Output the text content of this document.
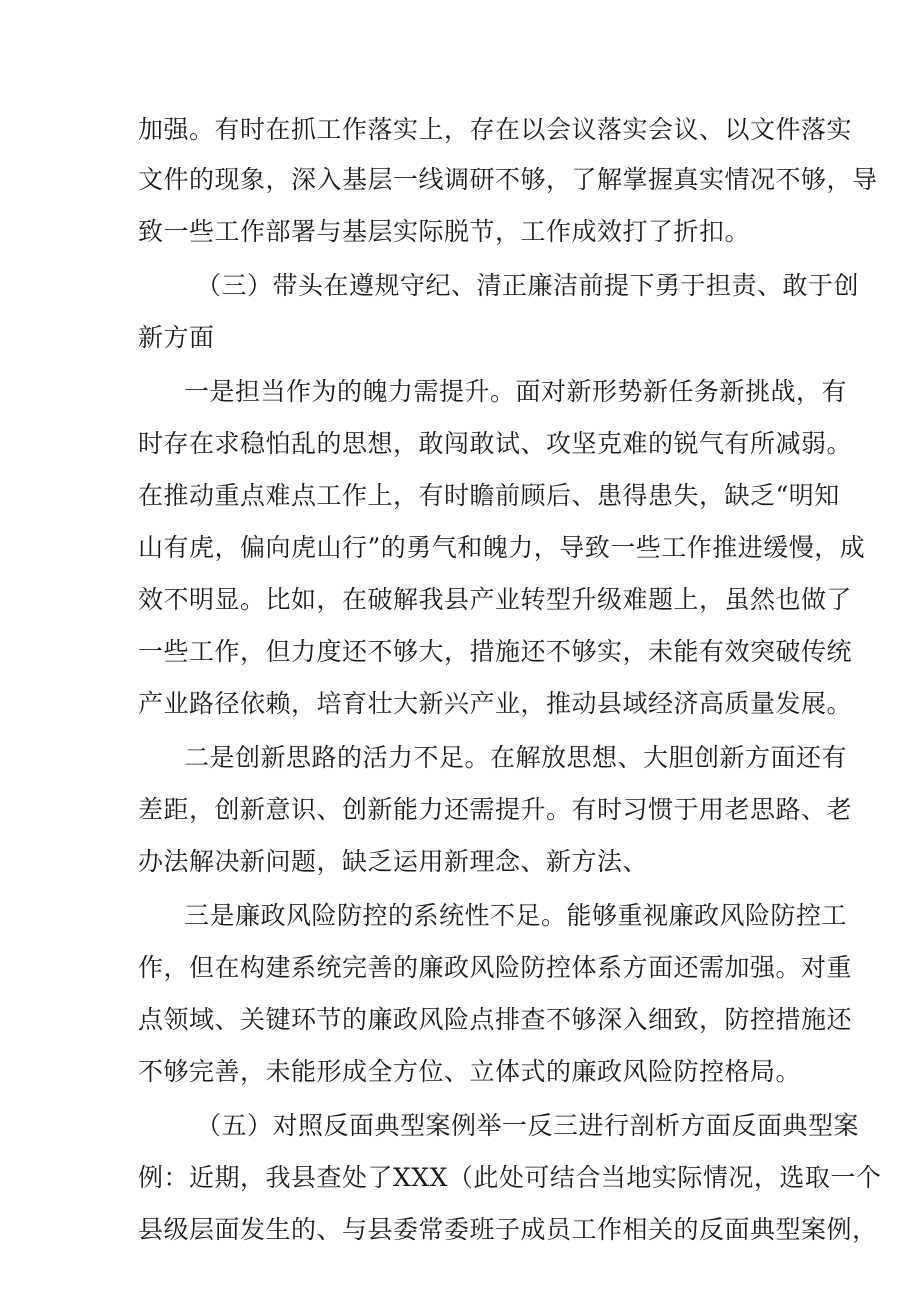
加强。有时在抓工作落实上，存在以会议落实会议、以文件落实
文件的现象，深入基层一线调研不够，了解掌握真实情况不够，导
致一些工作部署与基层实际脱节，工作成效打了折扣。
（三）带头在遵规守纪、清正廉洁前提下勇于担责、敢于创
新方面
一是担当作为的魄力需提升。面对新形势新任务新挑战，有
时存在求稳怕乱的思想，敢闯敢试、攻坚克难的锐气有所减弱。
在推动重点难点工作上，有时瞻前顾后、患得患失，缺乏“明知
山有虎，偏向虎山行”的勇气和魄力，导致一些工作推进缓慢，成
效不明显。比如，在破解我县产业转型升级难题上，虽然也做了
一些工作，但力度还不够大，措施还不够实，未能有效突破传统
产业路径依赖，培育壮大新兴产业，推动县域经济高质量发展。
二是创新思路的活力不足。在解放思想、大胆创新方面还有
差距，创新意识、创新能力还需提升。有时习惯于用老思路、老
办法解决新问题，缺乏运用新理念、新方法、
三是廉政风险防控的系统性不足。能够重视廉政风险防控工
作，但在构建系统完善的廉政风险防控体系方面还需加强。对重
点领域、关键环节的廉政风险点排查不够深入细致，防控措施还
不够完善，未能形成全方位、立体式的廉政风险防控格局。
（五）对照反面典型案例举一反三进行剖析方面反面典型案
例：近期，我县查处了XXX（此处可结合当地实际情况，选取一个
县级层面发生的、与县委常委班子成员工作相关的反面典型案例，
